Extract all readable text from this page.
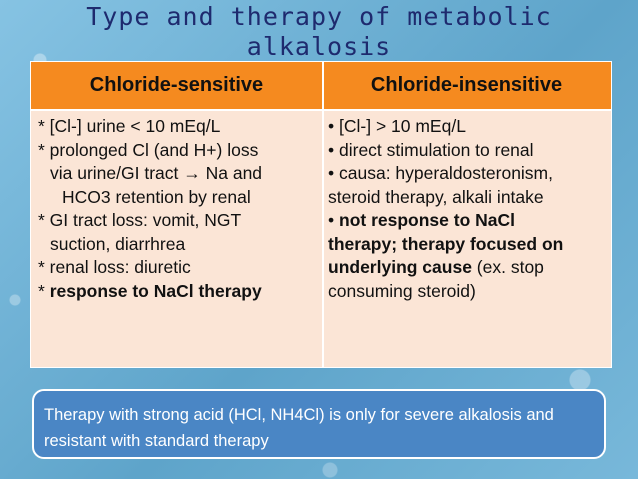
Type and therapy of metabolic
alkalosis
Chloride-sensitive	Chloride-insensitive
* [Cl-] urine < 10 mEq/L
* prolonged Cl (and H+) loss
via urine/GI tract → Na and
HCO3 retention by renal
* GI tract loss: vomit, NGT
suction, diarrhrea
* renal loss: diuretic
* response to NaCl therapy
• [Cl-] > 10 mEq/L
• direct stimulation to renal
• causa: hyperaldosteronism,
steroid therapy, alkali intake
• not response to NaCl
therapy; therapy focused on
underlying cause (ex. stop
consuming steroid)
Therapy with strong acid (HCl, NH4Cl) is only for severe alkalosis and
resistant with standard therapy
